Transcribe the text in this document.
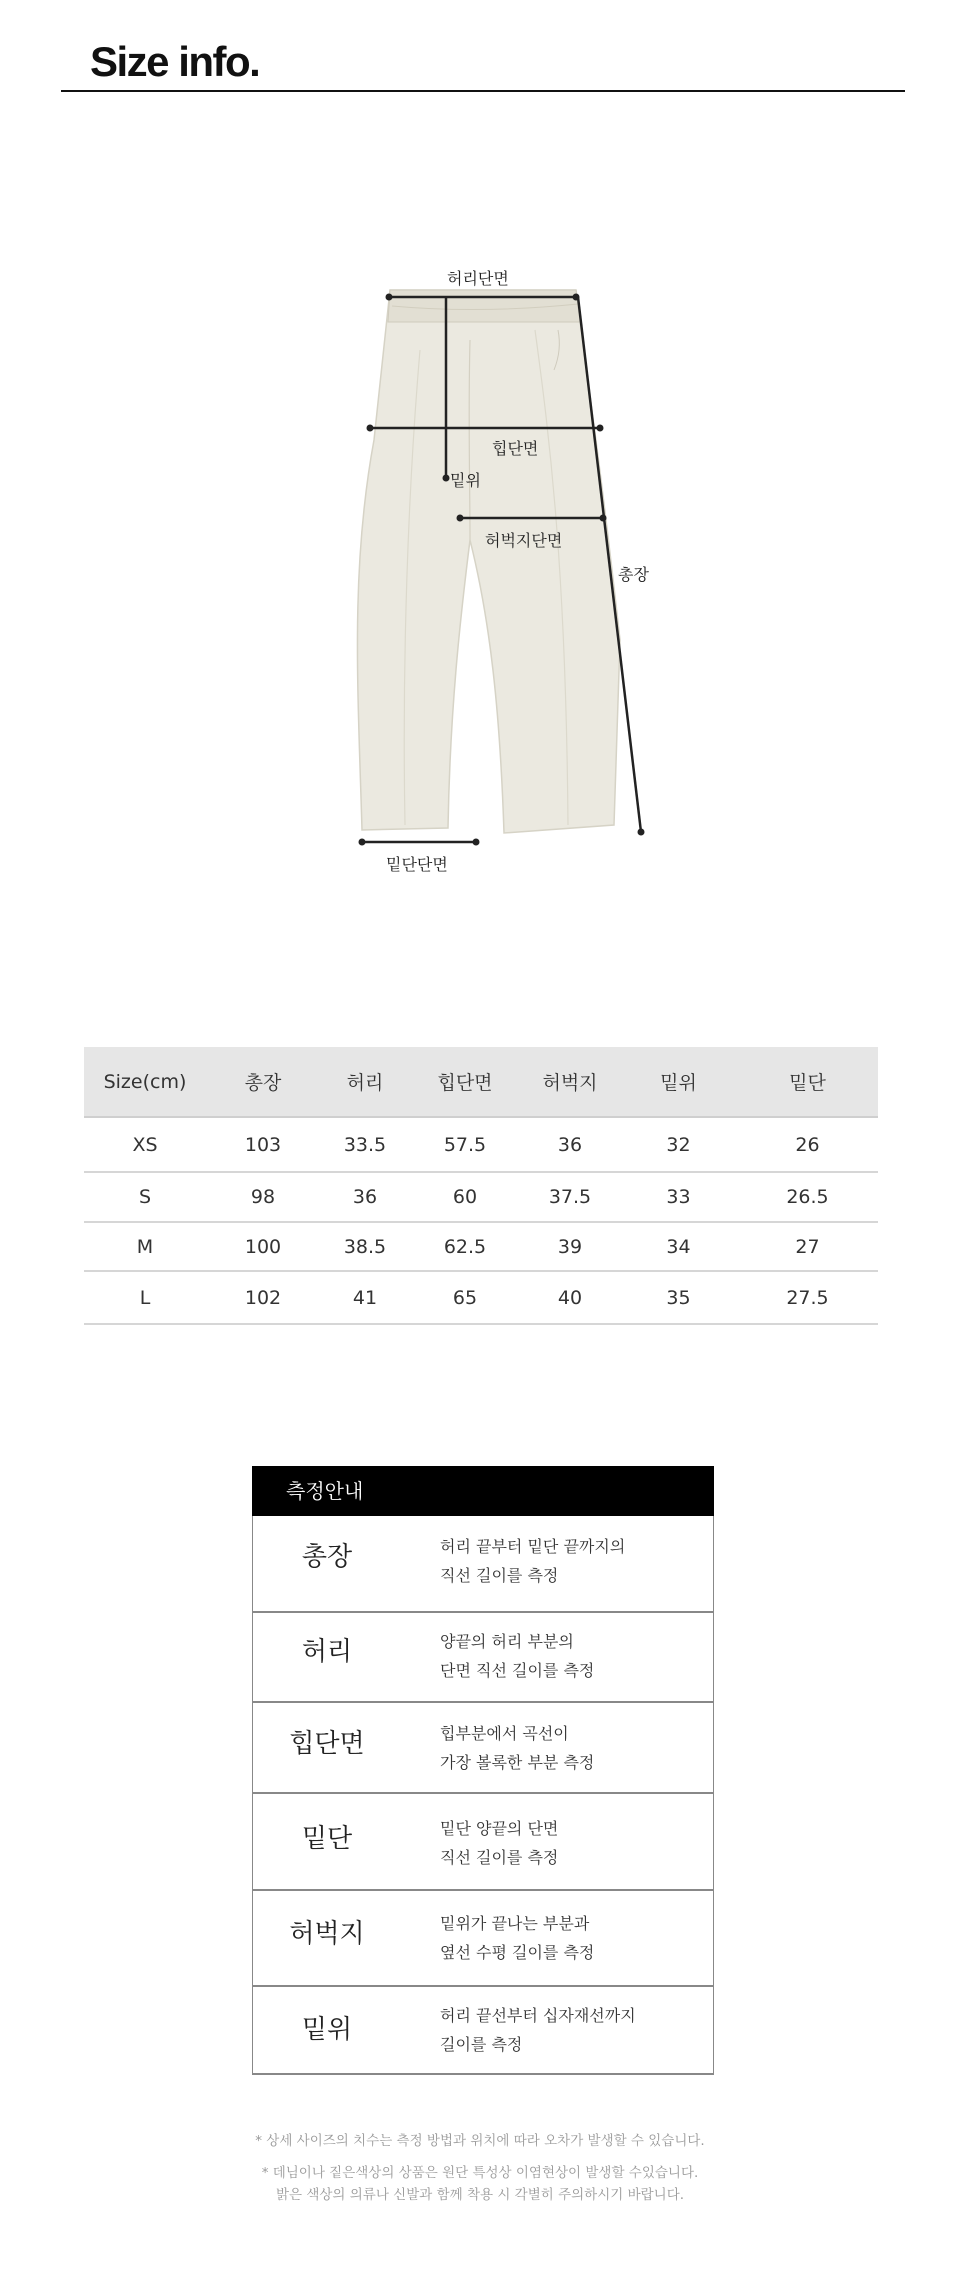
Size info.
허리단면
힙단면
밑위
허벅지단면
총장
밑단단면
Size(cm)	총장	허리	힙단면	허벅지	밑위	밑단
XS	103	33.5	57.5	36	32	26
S	98	36	60	37.5	33	26.5
M	100	38.5	62.5	39	34	27
L	102	41	65	40	35	27.5
측정안내
총장	허리 끝부터 밑단 끝까지의
직선 길이를 측정
허리	양끝의 허리 부분의
단면 직선 길이를 측정
힙단면	힙부분에서 곡선이
가장 볼록한 부분 측정
밑단	밑단 양끝의 단면
직선 길이를 측정
허벅지	밑위가 끝나는 부분과
옆선 수평 길이를 측정
밑위	허리 끝선부터 십자재선까지
길이를 측정

* 상세 사이즈의 치수는 측정 방법과 위치에 따라 오차가 발생할 수 있습니다.

* 데님이나 짙은색상의 상품은 원단 특성상 이염현상이 발생할 수있습니다.
밝은 색상의 의류나 신발과 함께 착용 시 각별히 주의하시기 바랍니다.
